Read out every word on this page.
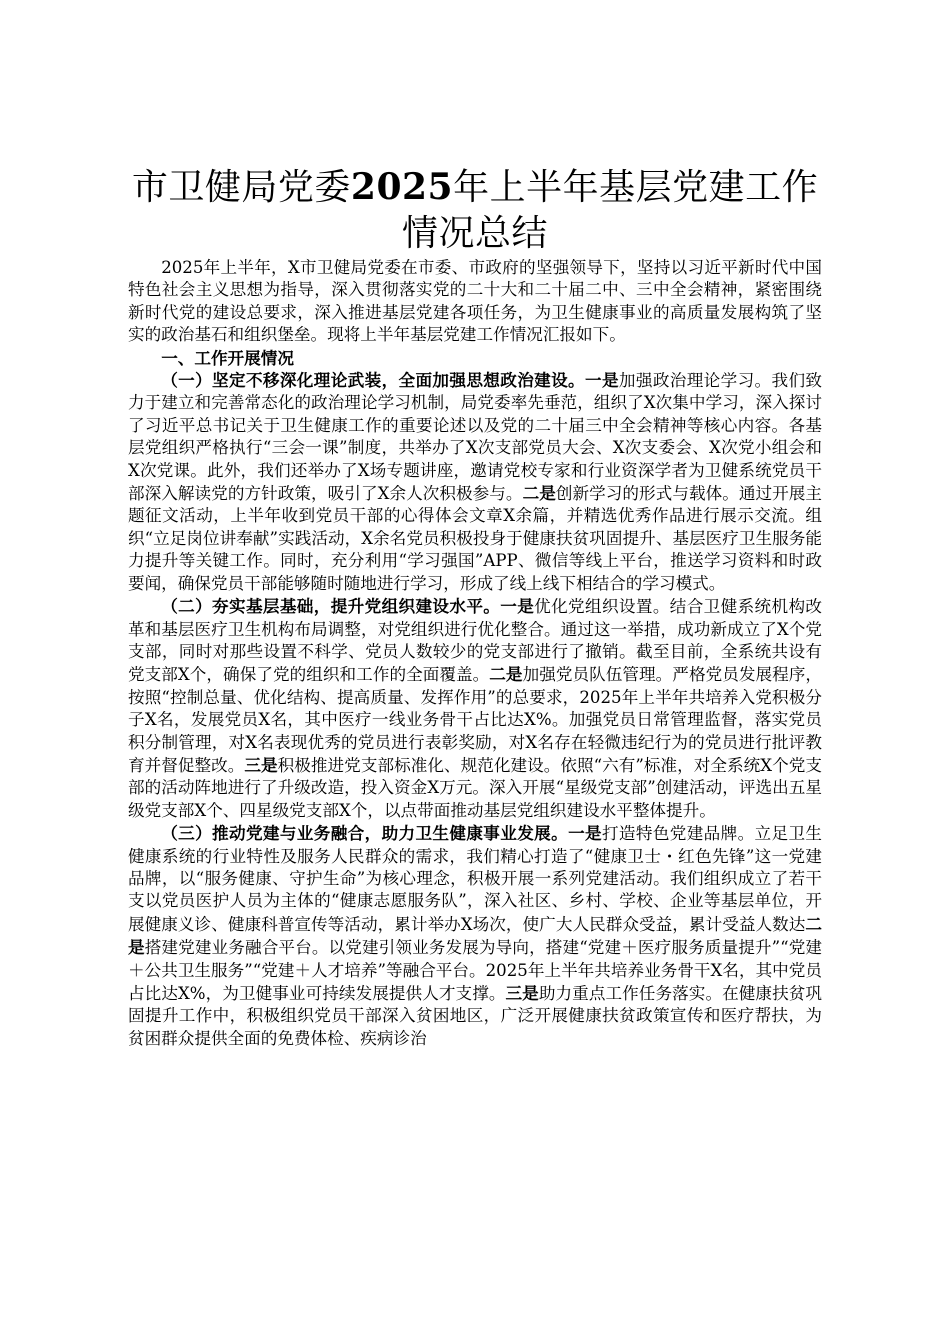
市卫健局党委2025年上半年基层党建工作情况总结

2025年上半年，X市卫健局党委在市委、市政府的坚强领导下，坚持以习近平新时代中国特色社会主义思想为指导，深入贯彻落实党的二十大和二十届二中、三中全会精神，紧密围绕新时代党的建设总要求，深入推进基层党建各项任务，为卫生健康事业的高质量发展构筑了坚实的政治基石和组织堡垒。现将上半年基层党建工作情况汇报如下。

一、工作开展情况

（一）坚定不移深化理论武装，全面加强思想政治建设。一是加强政治理论学习。我们致力于建立和完善常态化的政治理论学习机制，局党委率先垂范，组织了X次集中学习，深入探讨了习近平总书记关于卫生健康工作的重要论述以及党的二十届三中全会精神等核心内容。各基层党组织严格执行“三会一课”制度，共举办了X次支部党员大会、X次支委会、X次党小组会和X次党课。此外，我们还举办了X场专题讲座，邀请党校专家和行业资深学者为卫健系统党员干部深入解读党的方针政策，吸引了X余人次积极参与。二是创新学习的形式与载体。通过开展主题征文活动，上半年收到党员干部的心得体会文章X余篇，并精选优秀作品进行展示交流。组织“立足岗位讲奉献”实践活动，X余名党员积极投身于健康扶贫巩固提升、基层医疗卫生服务能力提升等关键工作。同时，充分利用“学习强国”APP、微信等线上平台，推送学习资料和时政要闻，确保党员干部能够随时随地进行学习，形成了线上线下相结合的学习模式。

（二）夯实基层基础，提升党组织建设水平。一是优化党组织设置。结合卫健系统机构改革和基层医疗卫生机构布局调整，对党组织进行优化整合。通过这一举措，成功新成立了X个党支部，同时对那些设置不科学、党员人数较少的党支部进行了撤销。截至目前，全系统共设有党支部X个，确保了党的组织和工作的全面覆盖。二是加强党员队伍管理。严格党员发展程序，按照“控制总量、优化结构、提高质量、发挥作用”的总要求，2025年上半年共培养入党积极分子X名，发展党员X名，其中医疗一线业务骨干占比达X%。加强党员日常管理监督，落实党员积分制管理，对X名表现优秀的党员进行表彰奖励，对X名存在轻微违纪行为的党员进行批评教育并督促整改。三是积极推进党支部标准化、规范化建设。依照“六有”标准，对全系统X个党支部的活动阵地进行了升级改造，投入资金X万元。深入开展“星级党支部”创建活动，评选出五星级党支部X个、四星级党支部X个，以点带面推动基层党组织建设水平整体提升。

（三）推动党建与业务融合，助力卫生健康事业发展。一是打造特色党建品牌。立足卫生健康系统的行业特性及服务人民群众的需求，我们精心打造了“健康卫士・红色先锋”这一党建品牌，以“服务健康、守护生命”为核心理念，积极开展一系列党建活动。我们组织成立了若干支以党员医护人员为主体的“健康志愿服务队”，深入社区、乡村、学校、企业等基层单位，开展健康义诊、健康科普宣传等活动，累计举办X场次，使广大人民群众受益，累计受益人数达二是搭建党建业务融合平台。以党建引领业务发展为导向，搭建“党建＋医疗服务质量提升”“党建＋公共卫生服务”“党建＋人才培养”等融合平台。2025年上半年共培养业务骨干X名，其中党员占比达X%，为卫健事业可持续发展提供人才支撑。三是助力重点工作任务落实。在健康扶贫巩固提升工作中，积极组织党员干部深入贫困地区，广泛开展健康扶贫政策宣传和医疗帮扶，为贫困群众提供全面的免费体检、疾病诊治
